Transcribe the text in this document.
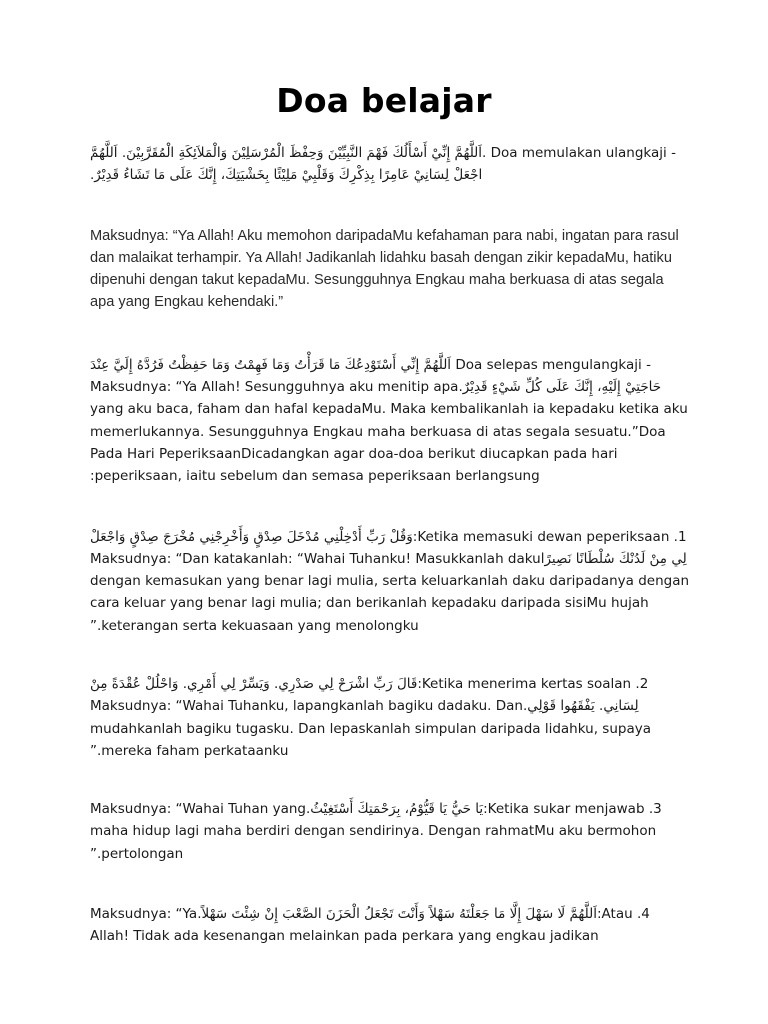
Doa belajar

- Doa memulakan ulangkaji .اَللَّهُمَّ إِنِّيْ أَسْأَلُكَ فَهْمَ النَّبِيِّيْنَ وَحِفْظَ الْمُرْسَلِيْنَ وَالْمَلاَئِكَةِ الْمُقَرَّبِيْنَ. اَللَّهُمَّ اجْعَلْ لِسَانِيْ عَامِرًا بِذِكْرِكَ وَقَلْبِيْ مَلِيْئًا بِخَشْيَتِكَ، إِنَّكَ عَلَى مَا تَشَاءُ قَدِيْرٌ.

Maksudnya: “Ya Allah! Aku memohon daripadaMu kefahaman para nabi, ingatan para rasul dan malaikat terhampir. Ya Allah! Jadikanlah lidahku basah dengan zikir kepadaMu, hatiku dipenuhi dengan takut kepadaMu. Sesungguhnya Engkau maha berkuasa di atas segala apa yang Engkau kehendaki.”

- Doa selepas mengulangkaji اَللَّهُمَّ إِنِّي أَسْتَوْدِعُكَ مَا قَرَأْتُ وَمَا فَهِمْتُ وَمَا حَفِظْتُ فَرُدَّهُ إِلَيَّ عِنْدَ حَاجَتِيْ إِلَيْهِ، إِنَّكَ عَلَى كُلِّ شَيْءٍ قَدِيْرٌ.Maksudnya: “Ya Allah! Sesungguhnya aku menitip apa yang aku baca, faham dan hafal kepadaMu. Maka kembalikanlah ia kepadaku ketika aku memerlukannya. Sesungguhnya Engkau maha berkuasa di atas segala sesuatu.”Doa Pada Hari PeperiksaanDicadangkan agar doa-doa berikut diucapkan pada hari peperiksaan, iaitu sebelum dan semasa peperiksaan berlangsung:

1. Ketika memasuki dewan peperiksaan:وَقُلْ رَبِّ أَدْخِلْنِي مُدْخَلَ صِدْقٍ وَأَخْرِجْنِي مُخْرَجَ صِدْقٍ وَاجْعَلْ لِي مِنْ لَدُنْكَ سُلْطَانًا نَصِيرًاMaksudnya: “Dan katakanlah: “Wahai Tuhanku! Masukkanlah daku dengan kemasukan yang benar lagi mulia, serta keluarkanlah daku daripadanya dengan cara keluar yang benar lagi mulia; dan berikanlah kepadaku daripada sisiMu hujah keterangan serta kekuasaan yang menolongku.”

2. Ketika menerima kertas soalan:قَالَ رَبِّ اشْرَحْ لِي صَدْرِي. وَيَسِّرْ لِي أَمْرِي. وَاحْلُلْ عُقْدَةً مِنْ لِسَانِي. يَفْقَهُوا قَوْلِي.Maksudnya: “Wahai Tuhanku, lapangkanlah bagiku dadaku. Dan mudahkanlah bagiku tugasku. Dan lepaskanlah simpulan daripada lidahku, supaya mereka faham perkataanku.”

3. Ketika sukar menjawab:يَا حَيُّ يَا قَيُّوْمُ، بِرَحْمَتِكَ أَسْتَغِيْثُ.Maksudnya: “Wahai Tuhan yang maha hidup lagi maha berdiri dengan sendirinya. Dengan rahmatMu aku bermohon pertolongan.”

4. Atau:اَللَّهُمَّ لَا سَهْلَ إِلَّا مَا جَعَلْتَهُ سَهْلاً وَأَنْتَ تَجْعَلُ الْحَزَنَ الصَّعْبَ إِنْ شِئْتَ سَهْلاً.Maksudnya: “Ya Allah! Tidak ada kesenangan melainkan pada perkara yang engkau jadikan
